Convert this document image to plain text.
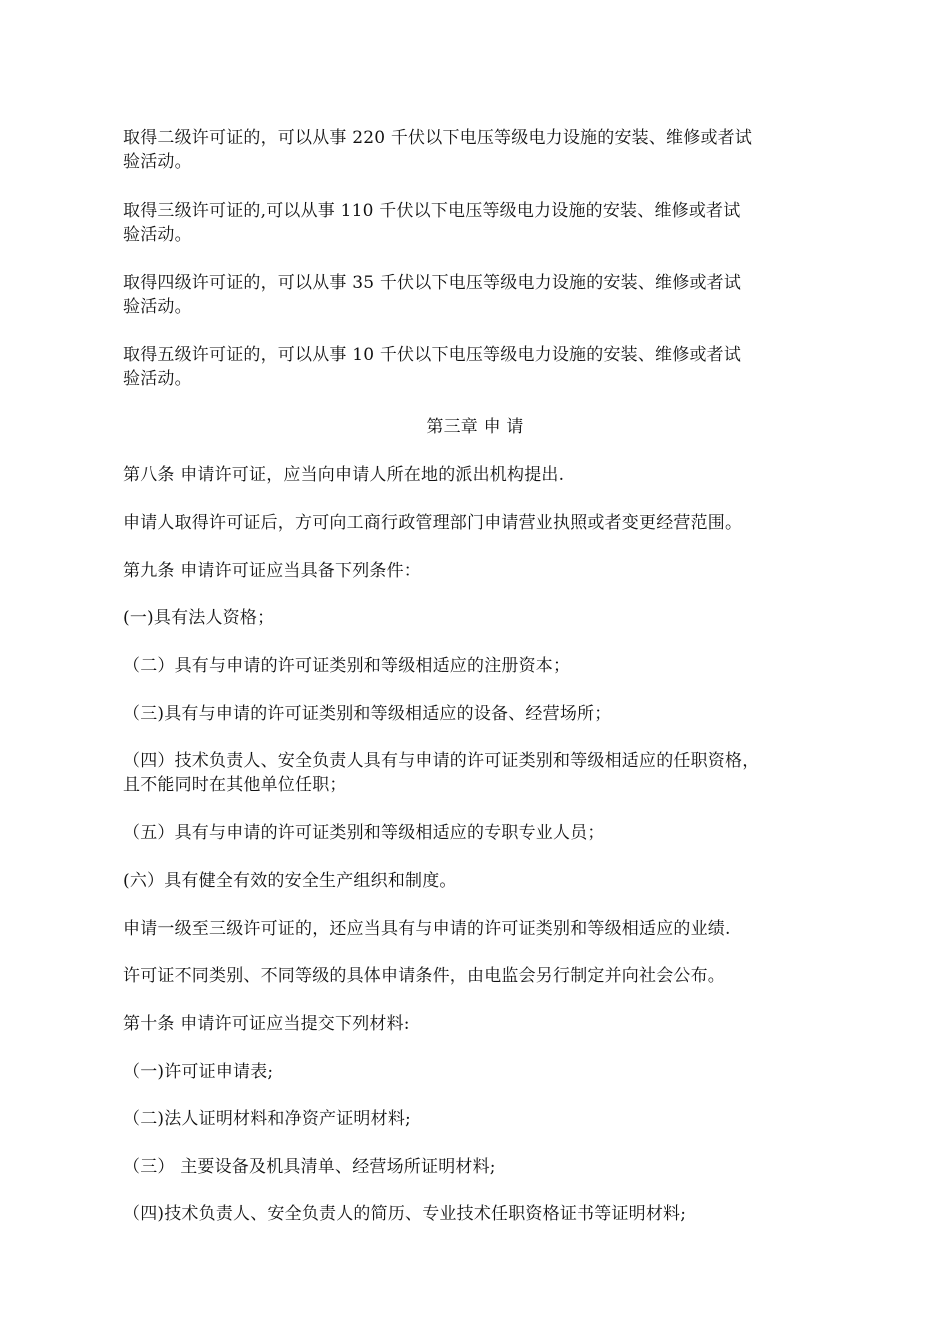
取得二级许可证的，可以从事 220 千伏以下电压等级电力设施的安装、维修或者试

验活动。

取得三级许可证的,可以从事 110 千伏以下电压等级电力设施的安装、维修或者试

验活动。

取得四级许可证的，可以从事 35 千伏以下电压等级电力设施的安装、维修或者试

验活动。

取得五级许可证的，可以从事 10 千伏以下电压等级电力设施的安装、维修或者试

验活动。

第三章 申 请

第八条 申请许可证，应当向申请人所在地的派出机构提出.

申请人取得许可证后，方可向工商行政管理部门申请营业执照或者变更经营范围。

第九条 申请许可证应当具备下列条件：

(一)具有法人资格；

（二）具有与申请的许可证类别和等级相适应的注册资本；

（三)具有与申请的许可证类别和等级相适应的设备、经营场所；

（四）技术负责人、安全负责人具有与申请的许可证类别和等级相适应的任职资格，

且不能同时在其他单位任职；

（五）具有与申请的许可证类别和等级相适应的专职专业人员；

(六）具有健全有效的安全生产组织和制度。

申请一级至三级许可证的，还应当具有与申请的许可证类别和等级相适应的业绩.

许可证不同类别、不同等级的具体申请条件，由电监会另行制定并向社会公布。

第十条 申请许可证应当提交下列材料:

（一)许可证申请表;

（二)法人证明材料和净资产证明材料;

（三） 主要设备及机具清单、经营场所证明材料;

（四)技术负责人、安全负责人的简历、专业技术任职资格证书等证明材料;
